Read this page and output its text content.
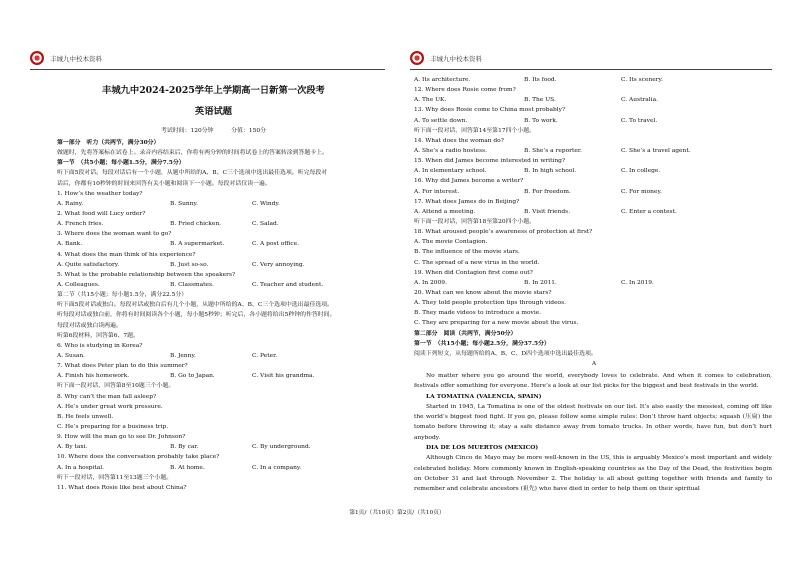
丰城九中校本资料
丰城九中2024-2025学年上学期高一日新第一次段考
英语试题
考试时间：120分钟　　　分值：150分
第一部分　听力（共两节，满分30分）
做题时，先将答案标在试卷上。录音内容结束后，你将有两分钟的时间将试卷上的答案转涂到答题卡上。
第一节　（共5小题；每小题1.5分，满分7.5分）
听下面5段对话。每段对话后有一个小题，从题中所给的A、B、C三个选项中选出最佳选项。听完每段对
话后，你都有10秒钟的时间来回答有关小题和阅读下一小题。每段对话仅读一遍。
1. How’s the weather today?
A. Rainy.	B. Sunny.	C. Windy.
2. What food will Lucy order?
A. French fries.	B. Fried chicken.	C. Salad.
3. Where does the woman want to go?
A. Bank.	B. A supermarket.	C. A post office.
4. What does the man think of his experience?
A. Quite satisfactory.	B. Just so-so.	C. Very annoying.
5. What is the probable relationship between the speakers?
A. Colleagues.	B. Classmates.	C. Teacher and student.
第二节（共15小题；每小题1.5分，满分22.5分）
听下面5段对话或独白。每段对话或独白后有几个小题，从题中所给的A、B、C三个选项中选出最佳选项。
听每段对话或独白前，你将有时间阅读各个小题，每小题5秒钟；听完后，各小题将给出5秒钟的作答时间。
每段对话或独白读两遍。
听第6段材料，回答第6、7题。
6. Who is studying in Korea?
A. Susan.	B. Jenny.	C. Peter.
7. What does Peter plan to do this summer?
A. Finish his homework.	B. Go to Japan.	C. Visit his grandma.
听下面一段对话，回答第8至10题三个小题。
8. Why can’t the man fall asleep?
A. He’s under great work pressure.
B. He feels unwell.
C. He’s preparing for a business trip.
9. How will the man go to see Dr. Johnson?
A. By taxi.	B. By car.	C. By underground.
10. Where does the conversation probably take place?
A. In a hospital.	B. At home.	C. In a company.
听下一段对话，回答第11至13题三个小题。
11. What does Rosie like best about China?
丰城九中校本资料
A. Its architecture.	B. Its food.	C. Its scenery.
12. Where does Rosie come from?
A. The UK.	B. The US.	C. Australia.
13. Why does Rosie come to China most probably?
A. To settle down.	B. To work.	C. To travel.
听下面一段对话，回答第14至第17四个小题。
14. What does the woman do?
A. She’s a radio hostess.	B. She’s a reporter.	C. She’s a travel agent.
15. When did James become interested in writing?
A. In elementary school.	B. In high school.	C. In college.
16. Why did James become a writer?
A. For interest.	B. For freedom.	C. For money.
17. What does James do in Beijing?
A. Attend a meeting.	B. Visit friends.	C. Enter a contest.
听下面一段对话，回答第18至第20四个小题。
18. What aroused people’s awareness of protection at first?
A. The movie Contagion.
B. The influence of the movie stars.
C. The spread of a new virus in the world.
19. When did Contagion first come out?
A. In 2009.	B. In 2011.	C. In 2019.
20. What can we know about the movie stars?
A. They told people protection tips through videos.
B. They made videos to introduce a movie.
C. They are preparing for a new movie about the virus.
第二部分　阅读（共两节，满分50分）
第一节　（共15小题；每小题2.5分，满分37.5分）
阅读下列短文，从每题所给的A、B、C、D四个选项中选出最佳选项。
A
No matter where you go around the world, everybody loves to celebrate. And when it comes to celebration, festivals offer something for everyone. Here’s a look at our list picks for the biggest and best festivals in the world.
LA TOMATINA (VALENCIA, SPAIN)
Started in 1945, La Tomatina is one of the oldest festivals on our list. It’s also easily the messiest, coming off like the world’s biggest food fight. If you go, please follow some simple rules: Don’t throw hard objects; squash (压扁) the tomato before throwing it; stay a safe distance away from tomato trucks. In other words, have fun, but don’t hurt anybody.
DIA DE LOS MUERTOS (MEXICO)
Although Cinco de Mayo may be more well-known in the US, this is arguably Mexico’s most important and widely celebrated holiday. More commonly known in English-speaking countries as the Day of the Dead, the festivities begin on October 31 and last through November 2. The holiday is all about getting together with friends and family to remember and celebrate ancestors (祖先) who have died in order to help them on their spiritual
第1页/（共10页）第2页/（共10页）
